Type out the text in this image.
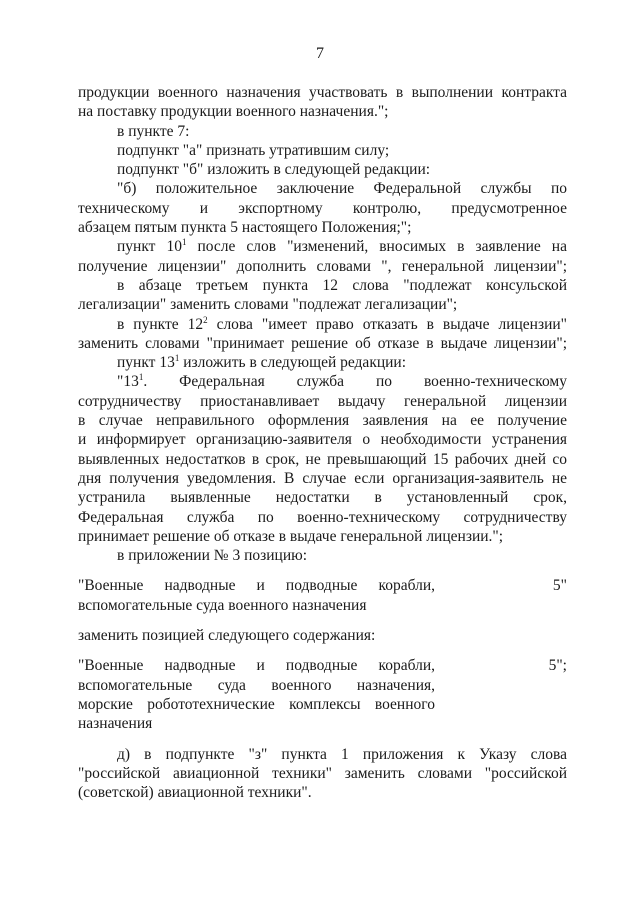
7

продукции военного назначения участвовать в выполнении контракта

на поставку продукции военного назначения.";

в пункте 7:

подпункт "а" признать утратившим силу;

подпункт "б" изложить в следующей редакции:

"б) положительное заключение Федеральной службы по

техническому и экспортному контролю, предусмотренное

абзацем пятым пункта 5 настоящего Положения;";

пункт $10^1$ после слов "изменений, вносимых в заявление на

получение лицензии" дополнить словами ", генеральной лицензии";

в абзаце третьем пункта 12 слова "подлежат консульской

легализации" заменить словами "подлежат легализации";

в пункте $12^2$ слова "имеет право отказать в выдаче лицензии"

заменить словами "принимает решение об отказе в выдаче лицензии";

пункт $13^1$ изложить в следующей редакции:

"$13^1$. Федеральная служба по военно-техническому

сотрудничеству приостанавливает выдачу генеральной лицензии

в случае неправильного оформления заявления на ее получение

и информирует организацию-заявителя о необходимости устранения

выявленных недостатков в срок, не превышающий 15 рабочих дней со

дня получения уведомления. В случае если организация-заявитель не

устранила выявленные недостатки в установленный срок,

Федеральная служба по военно-техническому сотрудничеству

принимает решение об отказе в выдаче генеральной лицензии.";

в приложении № 3 позицию:

"Военные надводные и подводные корабли,

вспомогательные суда военного назначения

5"

заменить позицией следующего содержания:

"Военные надводные и подводные корабли,

вспомогательные суда военного назначения,

морские робототехнические комплексы военного

назначения

5";

д) в подпункте "з" пункта 1 приложения к Указу слова

"российской авиационной техники" заменить словами "российской

(советской) авиационной техники".
